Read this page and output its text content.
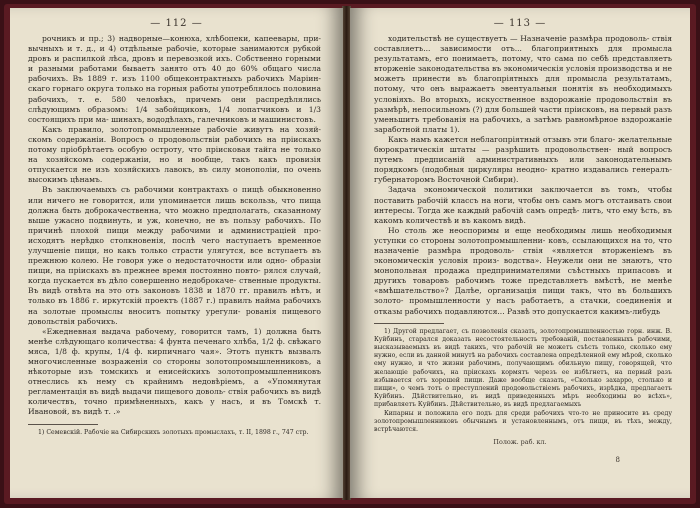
— 112 —

рочникъ и пр.; 3) надворные—конюха, хлѣбопеки, капеевары, при- вычныхъ и т. д., и 4) отдѣльные рабочіе, которые занимаются рубкой дровъ и распилкой лѣса, дровъ и перевозкой ихъ. Собственно горными и разными работами бываетъ занято отъ 40 до 60% общаго числа рабочихъ. Въ 1889 г. изъ 1100 общеконтрактныхъ рабочихъ Маріин- скаго горнаго округа только на горныя работы употреблялось половина рабочихъ, т. е. 580 человѣкъ, причемъ они распредѣлялись слѣдующимъ образомъ: 1/4 забойщиковъ, 1/4 лопатчиковъ и 1/3 состоящихъ при ма- шинахъ, вододѣлахъ, галечниковъ и машинистовъ.

Какъ правило, золотопромышленные рабочіе живутъ на хозяй- скомъ содержаніи. Вопросъ о продовольствіи рабочихъ на пріискахъ потому пріобрѣтаетъ особую остроту, что пріисковая тайга не только на хозяйскомъ содержаніи, но и вообще, такъ какъ провизія отпускается не изъ хозяйскихъ лавокъ, въ силу монополіи, по очень высокимъ цѣнамъ.

Въ заключаемыхъ съ рабочими контрактахъ о пищѣ обыкновенно или ничего не говорится, или упоминается лишь вскользь, что пища должна быть доброкачественна, что можно предполагать, сказанному выше ужасно подвинуть, и уж, конечно, не въ пользу рабочихъ. По причинѣ плохой пищи между рабочими и администраціей про- исходятъ нерѣдко столкновенія, послѣ чего наступаетъ временное улучшеніе пищи, но какъ только страсти улягутся, все вступаетъ въ прежнюю колею. Не говоря уже о недостаточности или одно- образіи пищи, на пріискахъ въ прежнее время постоянно повто- рялся случай, когда пускается въ дѣло совершенно недоброкаче- ственные продукты. Въ видѣ отвѣта на это отъ законовъ 1838 и 1870 гг. правилъ нѣтъ, и только въ 1886 г. иркутскій проектъ (1887 г.) правилъ найма рабочихъ на золотые промыслы вноситъ попытку урегули- рованія пищевого довольствія рабочихъ.

«Ежедневная выдача рабочему, говорится тамъ, 1) должна быть менѣе слѣдующаго количества: 4 фунта печенаго хлѣба, 1/2 ф. свѣжаго мяса, 1/8 ф. крупы, 1/4 ф. кирпичнаго чая». Этотъ пунктъ вызвалъ многочисленные возраженія со стороны золотопромышленниковъ, а нѣкоторые изъ томскихъ и енисейскихъ золотопромышленниковъ отнеслись къ нему съ крайнимъ недовѣріемъ, а «Упомянутая регламентація въ видѣ выдачи пищевого доволь- ствія рабочихъ въ видѣ количествъ, точно примѣненныхъ, какъ у насъ, и въ Томскѣ т. Ивановой, въ видѣ т. .»

1) Семевскій. Рабочіе на Сибирскихъ золотыхъ промыслахъ, т. II, 1898 г., 747 стр.

— 113 —

ходительствѣ не существуетъ — Назначеніе размѣра продоволь- ствія составляетъ... зависимости отъ... благоприятныхъ для промысла результатамъ, его понимаетъ, потому, что сама по себѣ представляетъ вторженіе законодательства въ экономическія условія производства и не можетъ принести въ благопріятныхъ для промысла результатамъ, потому, что онъ выражаетъ эвентуальныя понятія въ необходимыхъ условіяхъ. Во вторыхъ, искусственное вздорожаніе продовольствія въ размѣрѣ, непосильномъ (?) для большей части пріисковъ, на первый разъ уменьшитъ требованія на рабочихъ, а затѣмъ равномѣрное вздорожаніе заработной платы 1).

Какъ намъ кажется неблагопріятный отзывъ эти благо- желательные бюрократическія штаты — разрѣшить продовольствен- ный вопросъ путемъ предписаній административныхъ или законодательнымъ порядкомъ (подобныя циркуляры неодно- кратно издавались генералъ-губернаторомъ Восточной Сибири).

Задача экономической политики заключается въ томъ, чтобы поставить рабочій классъ на ноги, чтобы онъ самъ могъ отстаивать свои интересы. Тогда же каждый рабочій самъ опредѣ- литъ, что ему ѣсть, въ какомъ количествѣ и въ какомъ видѣ.

Но столь же неоспоримы и еще необходимы лишь необходимыя уступки со стороны золотопромышленни- ковъ, ссылающихся на то, что назначеніе размѣра продоволь- ствія «является вторженіемъ въ экономическія условія произ- водства». Неужели они не знаютъ, что монопольная продажа предпринимателями съѣстныхъ припасовъ и другихъ товаровъ рабочимъ тоже представляетъ вмѣстѣ, не менѣе «вмѣшательство»? Далѣе, организація пищи такъ, что въ большихъ золото- промышленности у насъ работаетъ, а стачки, соединенія и отказы рабочихъ подавляются... Развѣ это допускается какимъ-либудь

1) Другой предлагает, съ позволенія сказать, золотопромышленностью горн. инж. В. Куйбинъ, старался доказать несостоятельность требованій, поставленныхъ рабочими, высказываемыхъ въ видѣ такихъ, что рабочій не можетъ съѣсть только, сколько ему нужно, если въ данной минутѣ на рабочихъ составлена опредѣленной ему мѣрой, сколько ему нужно, и что жизни рабочимъ, получающимъ обильную пищу, говорящей, что желающіе рабочихъ, на пріискахъ кормятъ черезъ ее избѣгнетъ, на первый разъ избывается отъ хорошей пищи. Даже вообще сказать, «Сколько захарро, столько и пищи», о чемъ тотъ о преступлений продовольствіемъ рабочихъ, изрѣдка, предлагаетъ Куйбинъ. Дѣйствительно, въ видѣ приведенныхъ мѣръ необходимы во всѣхъ», прибавляетъ Куйбинъ. Дѣйствительно, въ видѣ предлагаемыхъ

Кипарны и положила его подъ для среди рабочихъ что-то не приносите въ среду золотопромышленниковъ обычнымъ и установленнымъ, отъ пищи, въ тѣхъ, между, встрѣчаются.

Полож. раб. кл.
8
